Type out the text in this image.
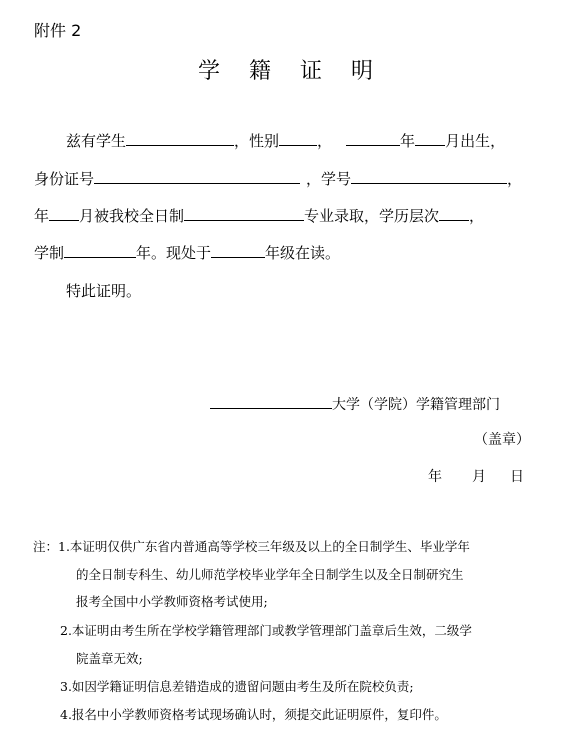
附件 2
学 籍 证 明
兹有学生	，性别	，	年 月出生，
身份证号	，学号	，
年 月被我校全日制	专业录取，学历层次 ，
学制	年。现处于	年级在读。
特此证明。
大学（学院）学籍管理部门
（盖章）
年 月 日
注： 1.本证明仅供广东省内普通高等学校三年级及以上的全日制学生、毕业学年
的全日制专科生、幼儿师范学校毕业学年全日制学生以及全日制研究生
报考全国中小学教师资格考试使用;
2.本证明由考生所在学校学籍管理部门或教学管理部门盖章后生效，二级学
院盖章无效;
3.如因学籍证明信息差错造成的遗留问题由考生及所在院校负责;
4.报名中小学教师资格考试现场确认时，须提交此证明原件，复印件。
